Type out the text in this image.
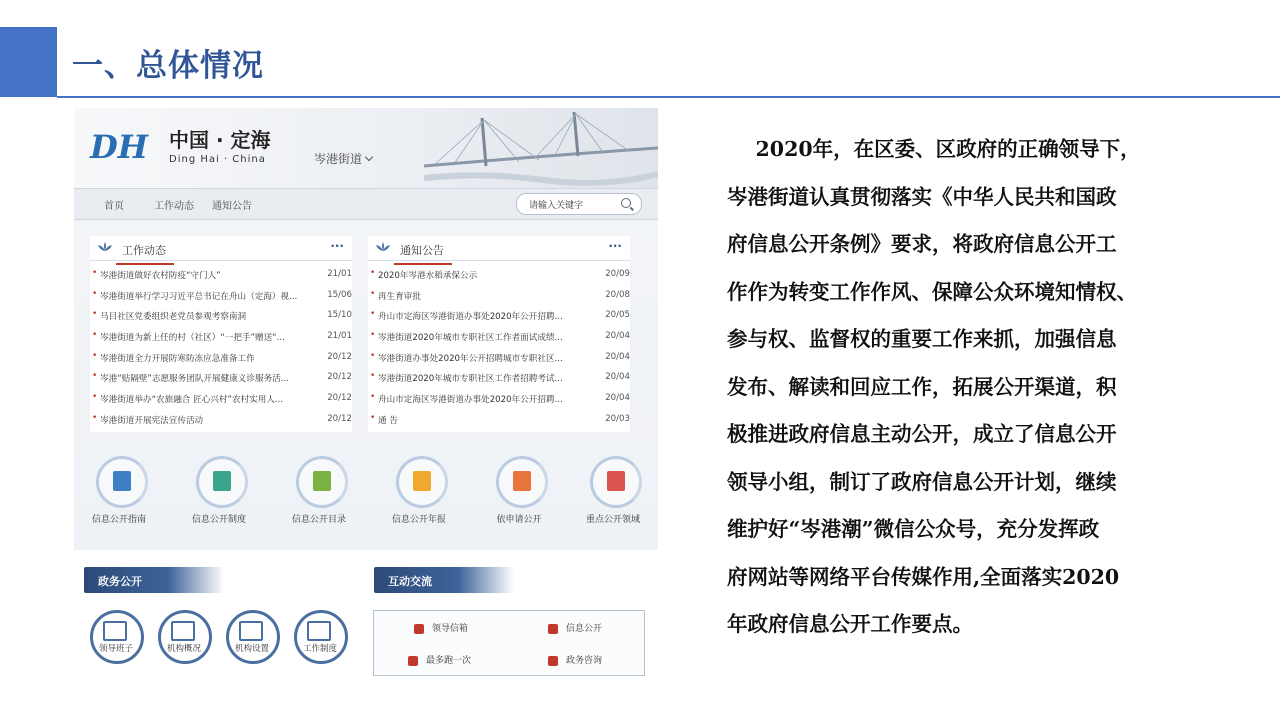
一、总体情况
DH 中国 · 定海
Ding Hai · China	岑港街道
首页	工作动态 通知公告	请输入关键字
工作动态	···
• 岑港街道做好农村防疫“守门人”	21/01
• 岑港街道举行学习习近平总书记在舟山（定海）视...	15/06
• 马目社区党委组织老党员参观考察南洞	15/10
• 岑港街道为新上任的村（社区）“一把手”赠送“...	21/01
• 岑港街道全力开展防寒防冻应急准备工作	20/12
• 岑港“贴隔壁”志愿服务团队开展健康义诊服务活...	20/12
• 岑港街道举办“农旅融合 匠心兴村”农村实用人...	20/12
• 岑港街道开展宪法宣传活动	20/12
通知公告	···
• 2020年岑港水稻承保公示	20/09
• 再生育审批	20/08
• 舟山市定海区岑港街道办事处2020年公开招聘...	20/05
• 岑港街道2020年城市专职社区工作者面试成绩...	20/04
• 岑港街道办事处2020年公开招聘城市专职社区...	20/04
• 岑港街道2020年城市专职社区工作者招聘考试...	20/04
• 舟山市定海区岑港街道办事处2020年公开招聘...	20/04
• 通 告	20/03
信息公开指南	信息公开制度	信息公开目录	信息公开年报	依申请公开	重点公开领域
政务公开
领导班子	机构概况	机构设置	工作制度
互动交流
领导信箱	信息公开
最多跑一次	政务咨询
2020年，在区委、区政府的正确领导下，
岑港街道认真贯彻落实《中华人民共和国政
府信息公开条例》要求，将政府信息公开工
作作为转变工作作风、保障公众环境知情权、
参与权、监督权的重要工作来抓，加强信息
发布、解读和回应工作，拓展公开渠道，积
极推进政府信息主动公开，成立了信息公开
领导小组，制订了政府信息公开计划，继续
维护好“岑港潮”微信公众号，充分发挥政
府网站等网络平台传媒作用,全面落实2020
年政府信息公开工作要点。
